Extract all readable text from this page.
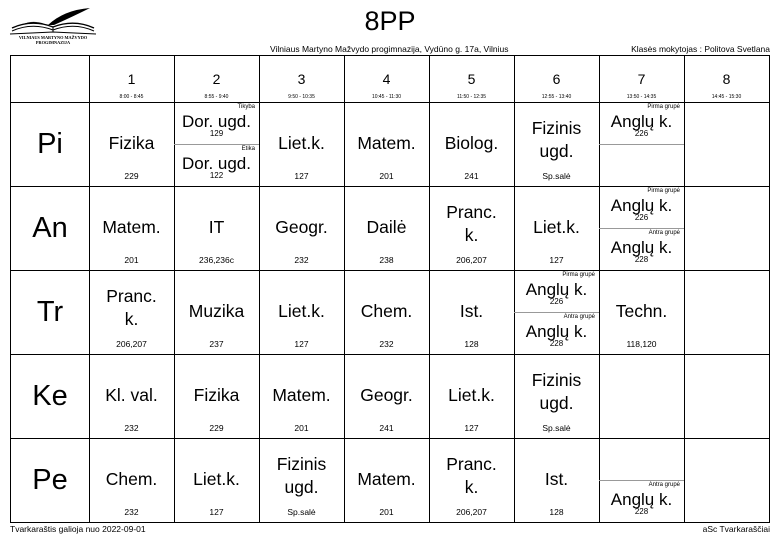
VILNIAUS MARTYNO MAŽVYDO PROGIMNAZIJA
8PP
Vilniaus Martyno Mažvydo progimnazija, Vydūno g. 17a, Vilnius	Klasės mokytojas : Politova Svetlana
1
8:00 - 8:45
2
8:55 - 9:40
3
9:50 - 10:35
4
10:45 - 11:30
5
11:50 - 12:35
6
12:55 - 13:40
7
13:50 - 14:35
8
14:45 - 15:30
Pi
An
Tr
Ke
Pe
Fizika
229
Tikyba
Dor. ugd.
129
Etika
Dor. ugd.
122
Liet.k.
127
Matem.
201
Biolog.
241
Fizinis ugd.
Sp.salė
Pirma grupė
Anglų k.
226
Matem.
201
IT
236,236c
Geogr.
232
Dailė
238
Pranc. k.
206,207
Liet.k.
127
Pirma grupė
Anglų k.
226
Antra grupė
Anglų k.
228
Pranc. k.
206,207
Muzika
237
Liet.k.
127
Chem.
232
Ist.
128
Pirma grupė
Anglų k.
226
Antra grupė
Anglų k.
228
Techn.
118,120
Kl. val.
232
Fizika
229
Matem.
201
Geogr.
241
Liet.k.
127
Fizinis ugd.
Sp.salė
Chem.
232
Liet.k.
127
Fizinis ugd.
Sp.salė
Matem.
201
Pranc. k.
206,207
Ist.
128
Antra grupė
Anglų k.
228
Tvarkaraštis galioja nuo 2022-09-01	aSc Tvarkaraščiai
